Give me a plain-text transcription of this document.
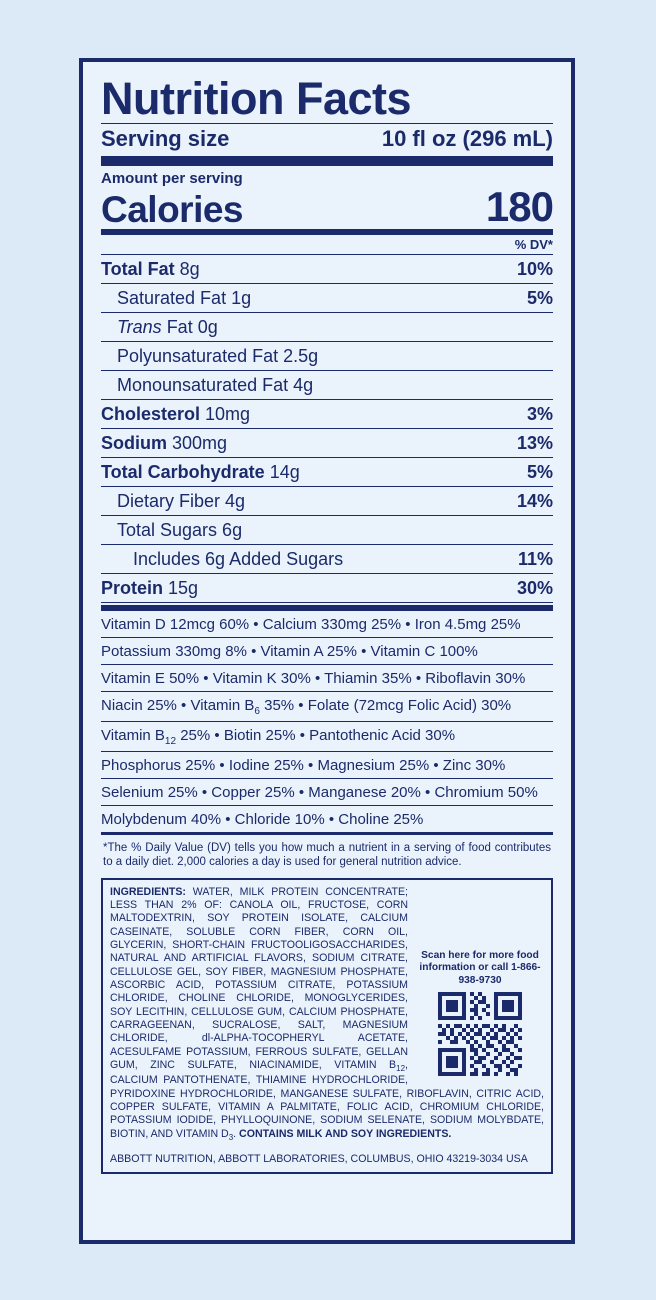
Nutrition Facts
Serving size	10 fl oz (296 mL)
Amount per serving
Calories	180
% DV*
Total Fat 8g	10%
Saturated Fat 1g	5%
Trans Fat 0g
Polyunsaturated Fat 2.5g
Monounsaturated Fat 4g
Cholesterol 10mg	3%
Sodium 300mg	13%
Total Carbohydrate 14g	5%
Dietary Fiber 4g	14%
Total Sugars 6g
Includes 6g Added Sugars	11%
Protein 15g	30%
Vitamin D 12mcg 60% • Calcium 330mg 25% • Iron 4.5mg 25%
Potassium 330mg 8% • Vitamin A 25% • Vitamin C 100%
Vitamin E 50% • Vitamin K 30% • Thiamin 35% • Riboflavin 30%
Niacin 25% • Vitamin $B_6$ 35% • Folate (72mcg Folic Acid) 30%
Vitamin $B_{12}$ 25% • Biotin 25% • Pantothenic Acid 30%
Phosphorus 25% • Iodine 25% • Magnesium 25% • Zinc 30%
Selenium 25% • Copper 25% • Manganese 20% • Chromium 50%
Molybdenum 40% • Chloride 10% • Choline 25%
*The % Daily Value (DV) tells you how much a nutrient in a serving of food contributes to a daily diet. 2,000 calories a day is used for general nutrition advice.
Scan here for more food information or call 1-866-938-9730
INGREDIENTS: WATER, MILK PROTEIN CONCENTRATE; LESS THAN 2% OF: CANOLA OIL, FRUCTOSE, CORN MALTODEXTRIN, SOY PROTEIN ISOLATE, CALCIUM CASEINATE, SOLUBLE CORN FIBER, CORN OIL, GLYCERIN, SHORT-CHAIN FRUCTOOLIGOSACCHARIDES, NATURAL AND ARTIFICIAL FLAVORS, SODIUM CITRATE, CELLULOSE GEL, SOY FIBER, MAGNESIUM PHOSPHATE, ASCORBIC ACID, POTASSIUM CITRATE, POTASSIUM CHLORIDE, CHOLINE CHLORIDE, MONOGLYCERIDES, SOY LECITHIN, CELLULOSE GUM, CALCIUM PHOSPHATE, CARRAGEENAN, SUCRALOSE, SALT, MAGNESIUM CHLORIDE, dl-ALPHA-TOCOPHERYL ACETATE, ACESULFAME POTASSIUM, FERROUS SULFATE, GELLAN GUM, ZINC SULFATE, NIACINAMIDE, VITAMIN $B_{12}$, CALCIUM PANTOTHENATE, THIAMINE HYDROCHLORIDE, PYRIDOXINE HYDROCHLORIDE, MANGANESE SULFATE, RIBOFLAVIN, CITRIC ACID, COPPER SULFATE, VITAMIN A PALMITATE, FOLIC ACID, CHROMIUM CHLORIDE, POTASSIUM IODIDE, PHYLLOQUINONE, SODIUM SELENATE, SODIUM MOLYBDATE, BIOTIN, AND VITAMIN $D_3$. CONTAINS MILK AND SOY INGREDIENTS.
ABBOTT NUTRITION, ABBOTT LABORATORIES, COLUMBUS, OHIO 43219-3034 USA
